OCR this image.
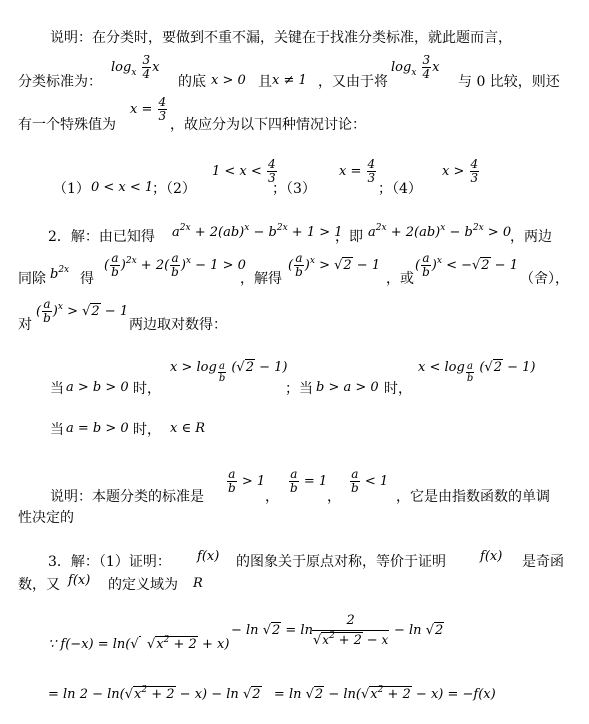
说明：在分类时，要做到不重不漏，关键在于找准分类标准，就此题而言，
分类标准为：
$\log_x \frac{3}{4}$ x
的底 x > 0 且 x ≠ 1 ，又由于将
$\log_x \frac{3}{4}$ x
与 0 比较，则还
有一个特殊值为
$x = \frac{4}{3}$
，故应分为以下四种情况讨论：
（1） 0 < x < 1
；（2）
$1 < x < \frac{4}{3}$
；（3）
$x = \frac{4}{3}$
；（4）
$x > \frac{4}{3}$
2．解：由已知得 $a^{2x} + 2(ab)^x - b^{2x} + 1 > 1$
，即 $a^{2x} + 2(ab)^x - b^{2x} > 0$
，两边
同除 $b^{2x}$
得
( $\frac{a}{b} )^{2x} + 2( \frac{a}{b} )^x - 1 > 0$
，解得
( $\frac{a}{b} )^x > √2 - 1$
，或
( $\frac{a}{b} )^x < -√2 - 1$
（舍），
对
( $\frac{a}{b} )^x > √2 - 1$
两边取对数得：
当 a > b > 0 时，
x > log $_{\frac{a}{b}}$ (√2 − 1)
；当 b > a > 0 时，
x < log $_{\frac{a}{b}}$ (√2 − 1)
当 a = b > 0 时， x ∈ R
说明：本题分类的标准是
$\frac{a}{b} > 1$
，
$\frac{a}{b} = 1$
，
$\frac{a}{b} < 1$
，它是由指数函数的单调
性决定的
3．解：（1）证明： f(x) 的图象关于原点对称，等价于证明	f(x) 是奇函
数，又 f(x) 的定义域为 R
∵ f(−x) = ln(√ $√x^2 + 2 + x$)
− $\ln √2 = \ln \frac{2}{√x^2 + 2 - x} - \ln √2$
= $\ln 2 - \ln(√x^2 + 2 - x) - \ln √2 = \ln √2 - \ln(√x^2 + 2 - x) = -f(x)$
